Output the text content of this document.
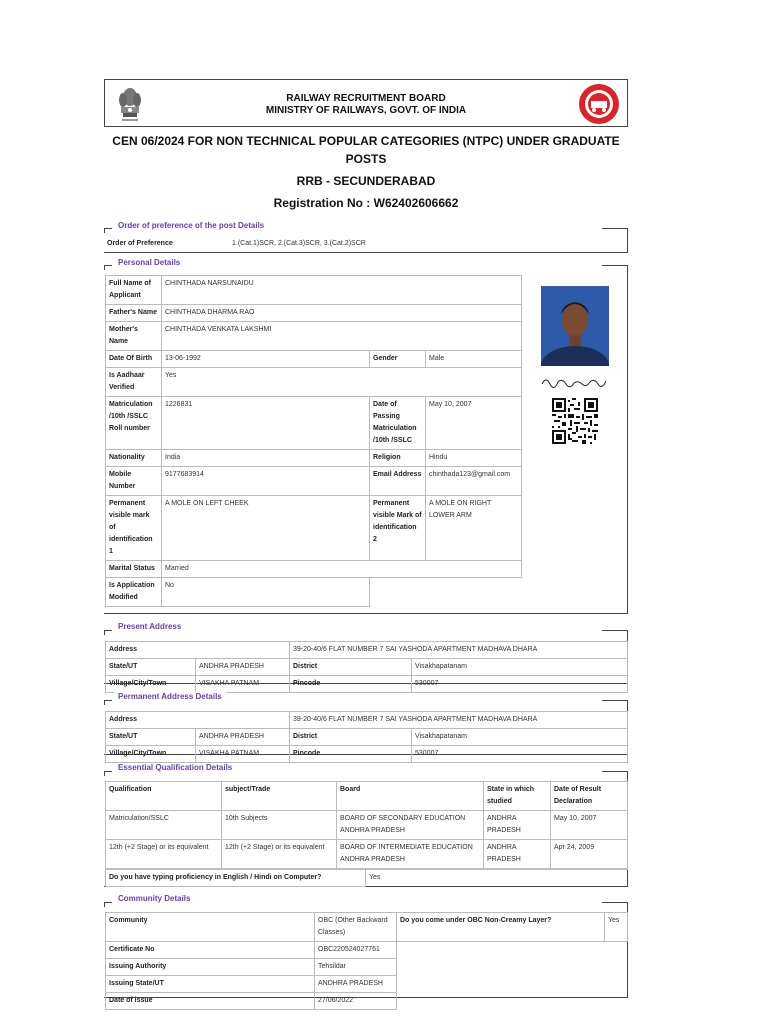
RAILWAY RECRUITMENT BOARD
MINISTRY OF RAILWAYS, GOVT. OF INDIA
CEN 06/2024 FOR NON TECHNICAL POPULAR CATEGORIES (NTPC) UNDER GRADUATE
POSTS
RRB - SECUNDERABAD
Registration No : W62402606662
Order of preference of the post Details
Order of Preference	1.(Cat.1)SCR, 2.(Cat.3)SCR, 3.(Cat.2)SCR
Personal Details
Full Name of Applicant	CHINTHADA NARSUNAIDU		
Father's Name	CHINTHADA DHARMA RAO		
Mother's Name	CHINTHADA VENKATA LAKSHMI		
Date Of Birth	13-06-1992	Gender	Male
Is Aadhaar Verified	Yes		
Matriculation /10th /SSLC Roll number	1226831	Date of Passing Matriculation /10th /SSLC	May 10, 2007
Nationality	India	Religion	Hindu
Mobile Number	9177683914	Email Address	chinthada123@gmail.com
Permanent visible mark of identification 1	A MOLE ON LEFT CHEEK	Permanent visible Mark of identification 2	A MOLE ON RIGHT LOWER ARM
Marital Status	Married		
Is Application Modified	No		
Present Address
Address		39-20-40/6 FLAT NUMBER 7 SAI YASHODA APARTMENT MADHAVA DHARA	
State/UT	ANDHRA PRADESH	District	Visakhapatanam
Village/City/Town	VISAKHA PATNAM	Pincode	530007
Permanent Address Details
Address		39-20-40/6 FLAT NUMBER 7 SAI YASHODA APARTMENT MADHAVA DHARA	
State/UT	ANDHRA PRADESH	District	Visakhapatanam
Village/City/Town	VISAKHA PATNAM	Pincode	530007
Essential Qualification Details
Qualification	subject/Trade	Board	State in which studied	Date of Result Declaration
Matriculation/SSLC	10th Subjects	BOARD OF SECONDARY EDUCATION ANDHRA PRADESH	ANDHRA PRADESH	May 10, 2007
12th (+2 Stage) or its equivalent	12th (+2 Stage) or its equivalent	BOARD OF INTERMEDIATE EDUCATION ANDHRA PRADESH	ANDHRA PRADESH	Apr 24, 2009
Do you have typing proficiency in English / Hindi on Computer?	Yes
Community Details
Community	OBC (Other Backward Classes)	Do you come under OBC Non-Creamy Layer?	Yes
Certificate No	OBC220524027761		
Issuing Authority	Tehsildar		
Issuing State/UT	ANDHRA PRADESH		
Date of issue	27/06/2022		
